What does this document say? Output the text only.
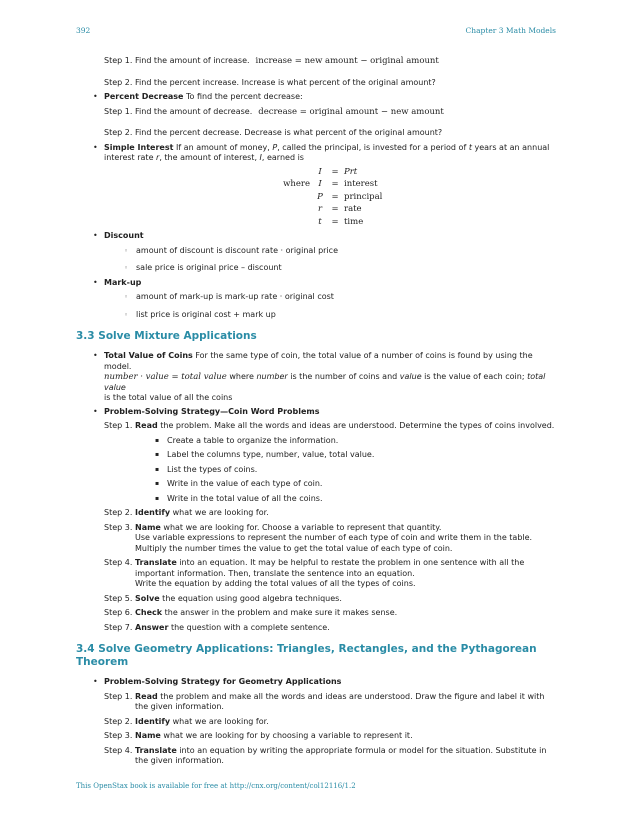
392	Chapter 3 Math Models
Step 1. Find the amount of increase. increase = new amount − original amount
Step 2. Find the percent increase. Increase is what percent of the original amount?
• Percent Decrease To find the percent decrease:
Step 1. Find the amount of decrease. decrease = original amount − new amount
Step 2. Find the percent decrease. Decrease is what percent of the original amount?
• Simple Interest If an amount of money, P, called the principal, is invested for a period of t years at an annual interest rate r, the amount of interest, I, earned is
I	= Prt
where I	= interest
P	= principal
r	= rate
t	= time
• Discount
◦ amount of discount is discount rate · original price
◦ sale price is original price – discount
• Mark-up
◦ amount of mark-up is mark-up rate · original cost
◦ list price is original cost + mark up
3.3 Solve Mixture Applications
• Total Value of Coins For the same type of coin, the total value of a number of coins is found by using the model.
number · value = total value where number is the number of coins and value is the value of each coin; total value
is the total value of all the coins
• Problem-Solving Strategy—Coin Word Problems
Step 1. Read the problem. Make all the words and ideas are understood. Determine the types of coins involved.
▪ Create a table to organize the information.
▪ Label the columns type, number, value, total value.
▪ List the types of coins.
▪ Write in the value of each type of coin.
▪ Write in the total value of all the coins.
Step 2. Identify what we are looking for.
Step 3. Name what we are looking for. Choose a variable to represent that quantity.
Use variable expressions to represent the number of each type of coin and write them in the table.
Multiply the number times the value to get the total value of each type of coin.
Step 4. Translate into an equation. It may be helpful to restate the problem in one sentence with all the important information. Then, translate the sentence into an equation.
Write the equation by adding the total values of all the types of coins.
Step 5. Solve the equation using good algebra techniques.
Step 6. Check the answer in the problem and make sure it makes sense.
Step 7. Answer the question with a complete sentence.
3.4 Solve Geometry Applications: Triangles, Rectangles, and the Pythagorean Theorem
• Problem-Solving Strategy for Geometry Applications
Step 1. Read the problem and make all the words and ideas are understood. Draw the figure and label it with the given information.
Step 2. Identify what we are looking for.
Step 3. Name what we are looking for by choosing a variable to represent it.
Step 4. Translate into an equation by writing the appropriate formula or model for the situation. Substitute in the given information.
This OpenStax book is available for free at http://cnx.org/content/col12116/1.2
